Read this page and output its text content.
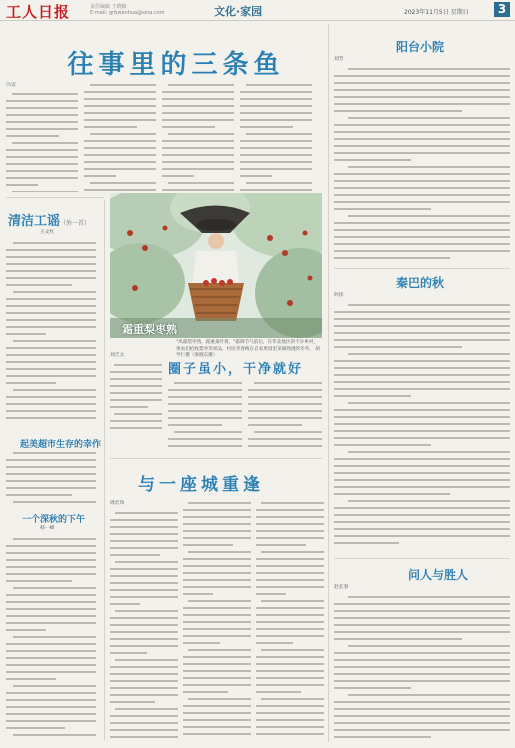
工人日报	责任编辑 王晓颖
E-mail: grbwenhua@sina.com	文化·家园	2023年11月5日 星期日	3
往事里的三条鱼
冯雷
清洁工谣（外一首）
王文红
起美超市生存的幸作
一个深秋的下午
韩一峰
霜重梨枣熟
"风霜梨枣熟，霜重桑叶黄。"霜降节气前后，在华北地区的不少乡村，果农们抢收梨枣等果品，村民李春梅在自家果园里采摘熟透的冬枣。 胡学仁摄（梁晓东摄）
刘吉太
圈子虽小，干净就好
与一座城重逢
周宏珍
阳台小院
刘芳
秦巴的秋
何泽
问人与胜人
赵长春
